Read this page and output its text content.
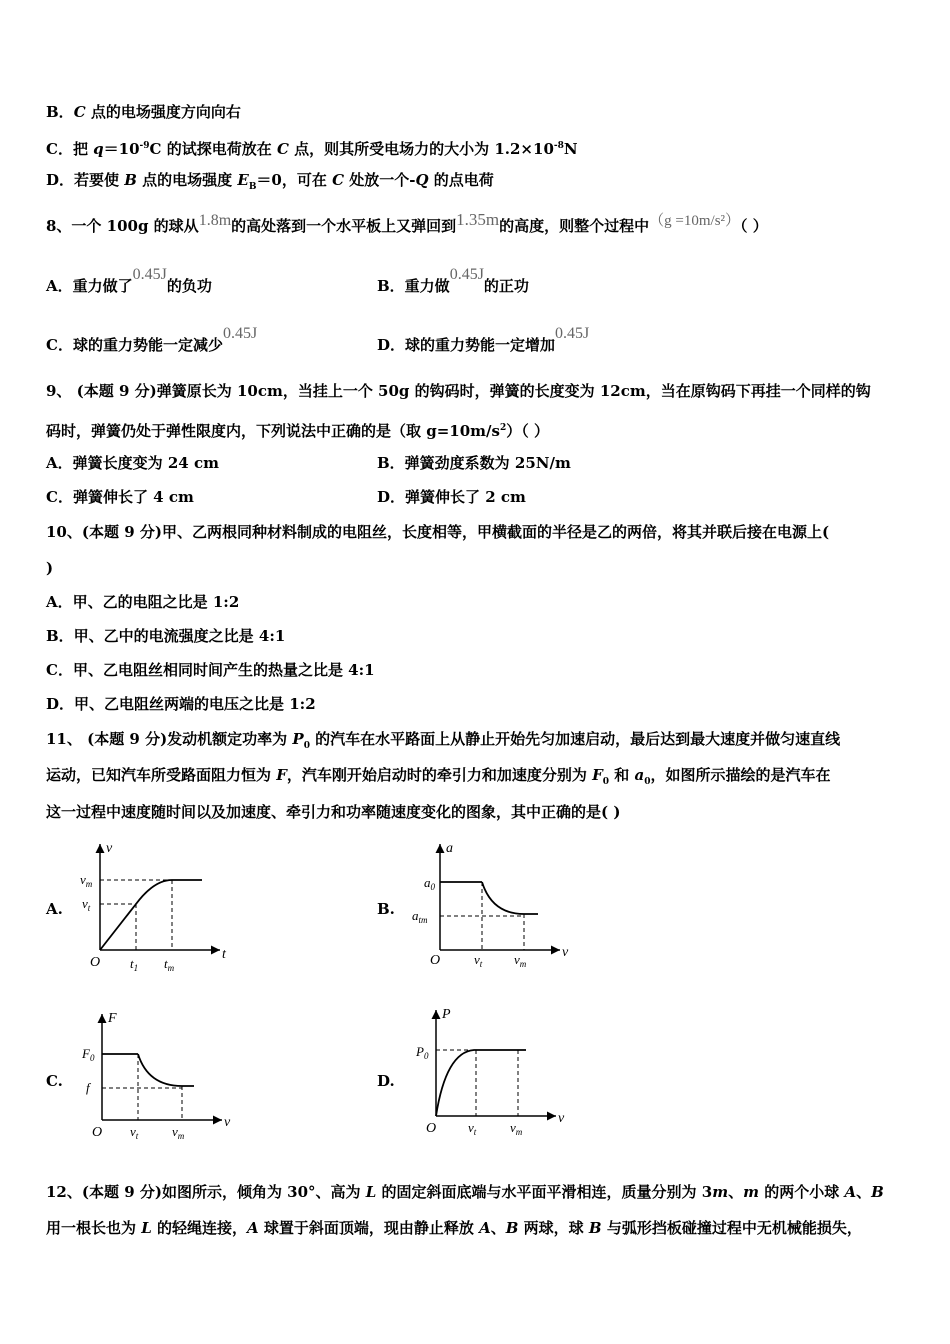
B．C 点的电场强度方向向右
C．把 $q=10^{-9}C$ 的试探电荷放在 C 点，则其所受电场力的大小为 $1.2\times 10^{-8}N$
D．若要使 B 点的电场强度 $E_B=0$，可在 C 处放一个-Q 的点电荷
8、一个 100g 的球从1.8m的高处落到一个水平板上又弹回到1.35m的高度，则整个过程中（g =10m/s²）（ ）
A．重力做了0.45J的负功	B．重力做0.45J的正功
C．球的重力势能一定减少0.45J
D．球的重力势能一定增加0.45J
9、 (本题 9 分)弹簧原长为 10cm，当挂上一个 50g 的钩码时，弹簧的长度变为 12cm，当在原钩码下再挂一个同样的钩
码时，弹簧仍处于弹性限度内，下列说法中正确的是（取 $g=10m/s^2$）（ ）
A．弹簧长度变为 24 cm	B．弹簧劲度系数为 25N/m
C．弹簧伸长了 4 cm	D．弹簧伸长了 2 cm
10、(本题 9 分)甲、乙两根同种材料制成的电阻丝，长度相等，甲横截面的半径是乙的两倍，将其并联后接在电源上(
)
A．甲、乙的电阻之比是 1:2
B．甲、乙中的电流强度之比是 4:1
C．甲、乙电阻丝相同时间产生的热量之比是 4:1
D．甲、乙电阻丝两端的电压之比是 1:2
11、 (本题 9 分)发动机额定功率为 $P_0$ 的汽车在水平路面上从静止开始先匀加速启动，最后达到最大速度并做匀速直线
运动，已知汽车所受路面阻力恒为 F，汽车刚开始启动时的牵引力和加速度分别为 $F_0$ 和 $a_0$，如图所示描绘的是汽车在
这一过程中速度随时间以及加速度、牵引力和功率随速度变化的图象，其中正确的是( )
A.	B.
C.	D.
v
t
O
$v_m$
$v_t$
$t_1$ $t_m$
a
v
O
$a_0$
$a_{tm}$
$v_t$ $v_m$
F
v
O
$F_0$
f
$v_t$	$v_m$
P
v
O
$P_0$
$v_t$	$v_m$
12、(本题 9 分)如图所示，倾角为 30°、高为 L 的固定斜面底端与水平面平滑相连，质量分别为 3m、m 的两个小球 A、B
用一根长也为 L 的轻绳连接，A 球置于斜面顶端，现由静止释放 A、B 两球，球 B 与弧形挡板碰撞过程中无机械能损失，
